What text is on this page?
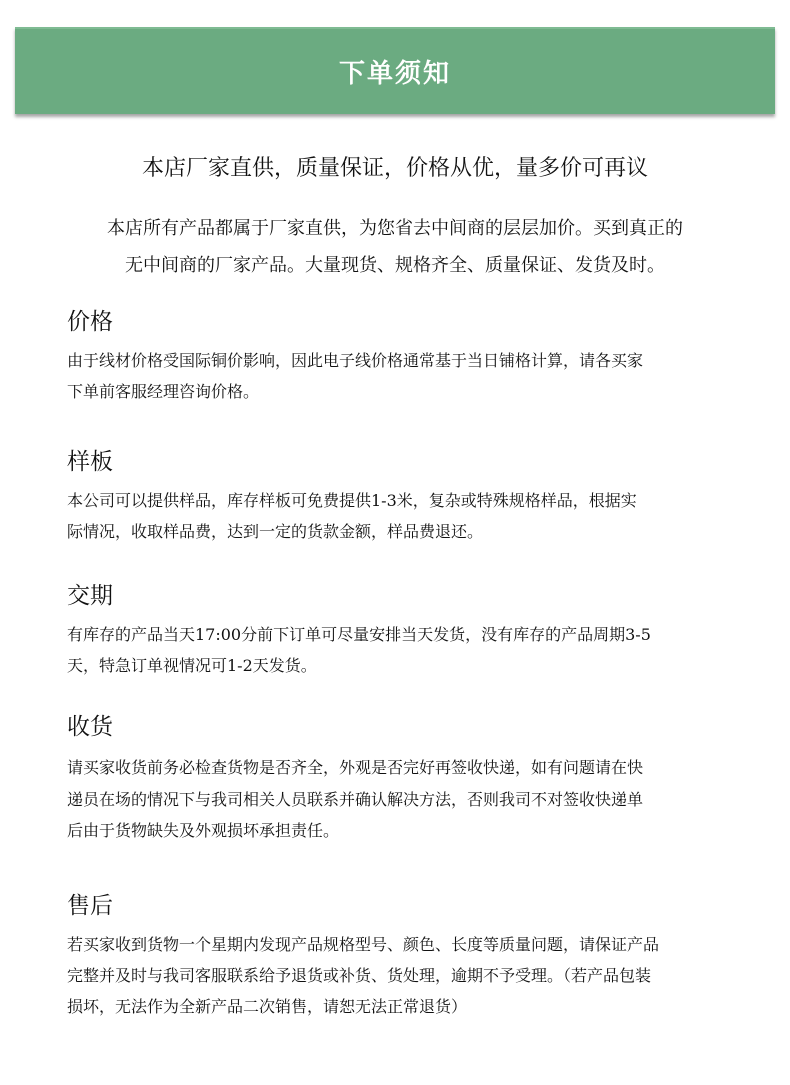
下单须知
本店厂家直供，质量保证，价格从优，量多价可再议
本店所有产品都属于厂家直供，为您省去中间商的层层加价。买到真正的
无中间商的厂家产品。大量现货、规格齐全、质量保证、发货及时。
价格
由于线材价格受国际铜价影响，因此电子线价格通常基于当日铺格计算，请各买家
下单前客服经理咨询价格。
样板
本公司可以提供样品，库存样板可免费提供1-3米，复杂或特殊规格样品，根据实
际情况，收取样品费，达到一定的货款金额，样品费退还。
交期
有库存的产品当天17:00分前下订单可尽量安排当天发货，没有库存的产品周期3-5
天，特急订单视情况可1-2天发货。
收货
请买家收货前务必检查货物是否齐全，外观是否完好再签收快递，如有问题请在快
递员在场的情况下与我司相关人员联系并确认解决方法，否则我司不对签收快递单
后由于货物缺失及外观损坏承担责任。
售后
若买家收到货物一个星期内发现产品规格型号、颜色、长度等质量问题，请保证产品
完整并及时与我司客服联系给予退货或补货、货处理，逾期不予受理。（若产品包装
损坏，无法作为全新产品二次销售，请恕无法正常退货）
